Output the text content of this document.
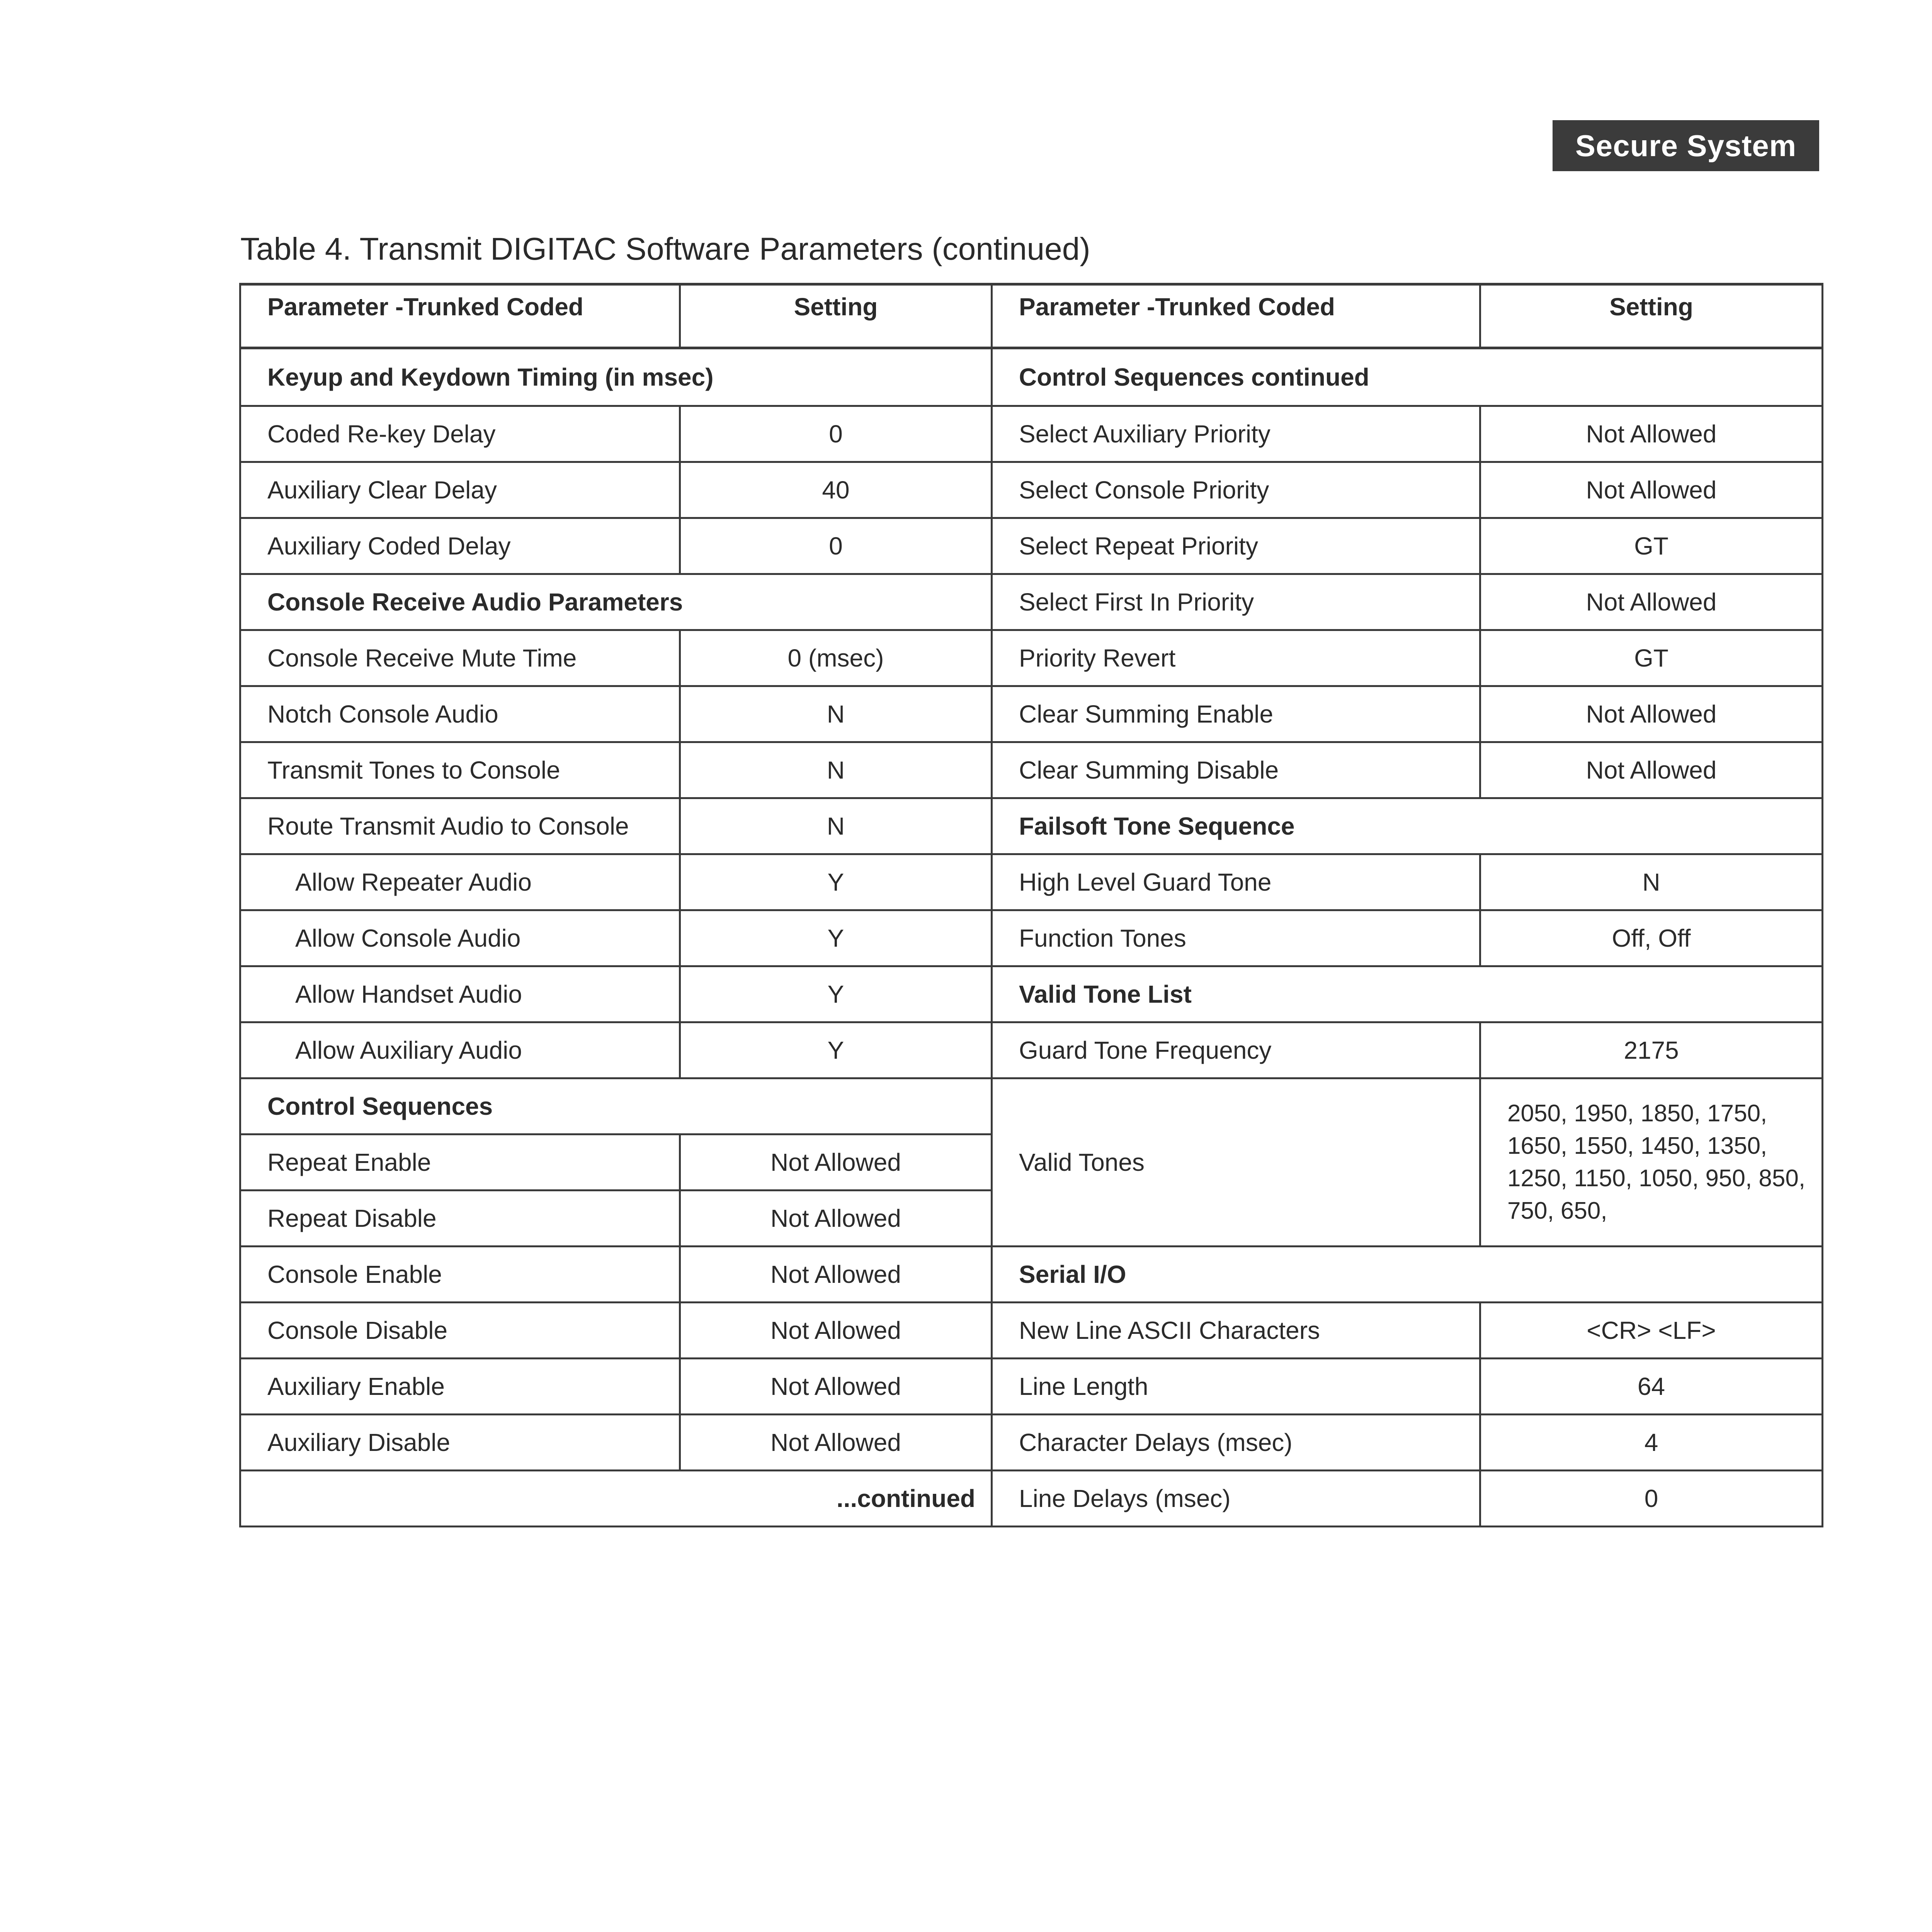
Secure System
Table 4. Transmit DIGITAC Software Parameters (continued)
Parameter -Trunked Coded	Setting	Parameter -Trunked Coded	Setting
Keyup and Keydown Timing (in msec)		Control Sequences continued	
Coded Re-key Delay	0	Select Auxiliary Priority	Not Allowed
Auxiliary Clear Delay	40	Select Console Priority	Not Allowed
Auxiliary Coded Delay	0	Select Repeat Priority	GT
Console Receive Audio Parameters		Select First In Priority	Not Allowed
Console Receive Mute Time	0 (msec)	Priority Revert	GT
Notch Console Audio	N	Clear Summing Enable	Not Allowed
Transmit Tones to Console	N	Clear Summing Disable	Not Allowed
Route Transmit Audio to Console	N	Failsoft Tone Sequence	
Allow Repeater Audio	Y	High Level Guard Tone	N
Allow Console Audio	Y	Function Tones	Off, Off
Allow Handset Audio	Y	Valid Tone List	
Allow Auxiliary Audio	Y	Guard Tone Frequency	2175
Control Sequences		Valid Tones	2050, 1950, 1850, 1750, 1650, 1550, 1450, 1350, 1250, 1150, 1050, 950, 850, 750, 650,
Repeat Enable	Not Allowed		
Repeat Disable	Not Allowed		
Console Enable	Not Allowed	Serial I/O	
Console Disable	Not Allowed	New Line ASCII Characters	<CR> <LF>
Auxiliary Enable	Not Allowed	Line Length	64
Auxiliary Disable	Not Allowed	Character Delays (msec)	4
...continued		Line Delays (msec)	0
